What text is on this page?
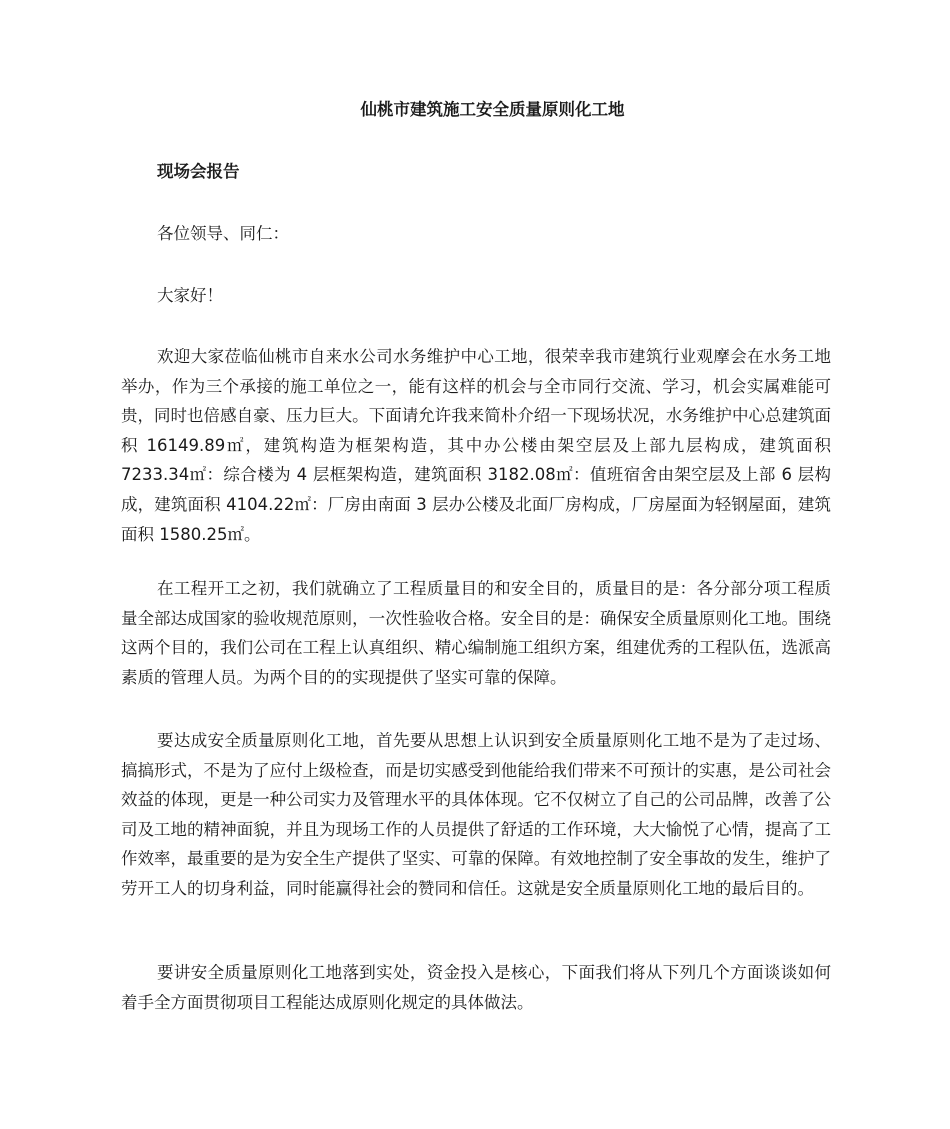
仙桃市建筑施工安全质量原则化工地
现场会报告
各位领导、同仁：
大家好！

欢迎大家莅临仙桃市自来水公司水务维护中心工地，很荣幸我市建筑行业观摩会在水务工地举办，作为三个承接的施工单位之一，能有这样的机会与全市同行交流、学习，机会实属难能可贵，同时也倍感自豪、压力巨大。下面请允许我来简朴介绍一下现场状况，水务维护中心总建筑面积 16149.89㎡，建筑构造为框架构造，其中办公楼由架空层及上部九层构成，建筑面积 7233.34㎡：综合楼为 4 层框架构造，建筑面积 3182.08㎡：值班宿舍由架空层及上部 6 层构成，建筑面积 4104.22㎡：厂房由南面 3 层办公楼及北面厂房构成，厂房屋面为轻钢屋面，建筑面积 1580.25㎡。

在工程开工之初，我们就确立了工程质量目的和安全目的，质量目的是：各分部分项工程质量全部达成国家的验收规范原则，一次性验收合格。安全目的是：确保安全质量原则化工地。围绕这两个目的，我们公司在工程上认真组织、精心编制施工组织方案，组建优秀的工程队伍，选派高素质的管理人员。为两个目的的实现提供了坚实可靠的保障。

要达成安全质量原则化工地，首先要从思想上认识到安全质量原则化工地不是为了走过场、搞搞形式，不是为了应付上级检查，而是切实感受到他能给我们带来不可预计的实惠，是公司社会效益的体现，更是一种公司实力及管理水平的具体体现。它不仅树立了自己的公司品牌，改善了公司及工地的精神面貌，并且为现场工作的人员提供了舒适的工作环境，大大愉悦了心情，提高了工作效率，最重要的是为安全生产提供了坚实、可靠的保障。有效地控制了安全事故的发生，维护了劳开工人的切身利益，同时能赢得社会的赞同和信任。这就是安全质量原则化工地的最后目的。

要讲安全质量原则化工地落到实处，资金投入是核心，下面我们将从下列几个方面谈谈如何着手全方面贯彻项目工程能达成原则化规定的具体做法。
